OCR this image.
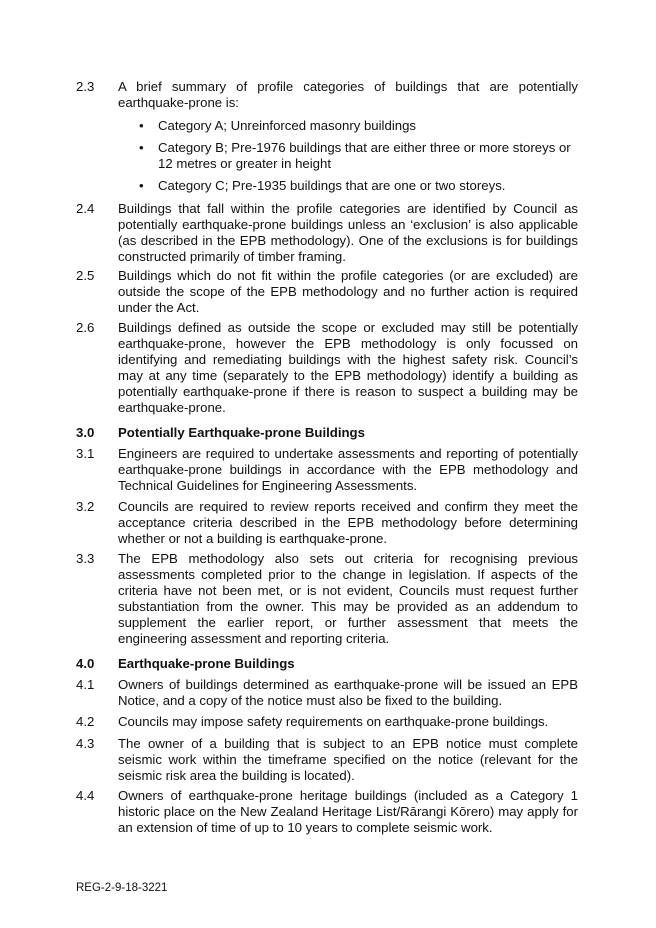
2.3	A brief summary of profile categories of buildings that are potentially earthquake-prone is:
• Category A; Unreinforced masonry buildings
• Category B; Pre-1976 buildings that are either three or more storeys or 12 metres or greater in height
• Category C; Pre-1935 buildings that are one or two storeys.
2.4	Buildings that fall within the profile categories are identified by Council as potentially earthquake-prone buildings unless an ‘exclusion’ is also applicable (as described in the EPB methodology). One of the exclusions is for buildings constructed primarily of timber framing.
2.5	Buildings which do not fit within the profile categories (or are excluded) are outside the scope of the EPB methodology and no further action is required under the Act.
2.6	Buildings defined as outside the scope or excluded may still be potentially earthquake-prone, however the EPB methodology is only focussed on identifying and remediating buildings with the highest safety risk. Council’s may at any time (separately to the EPB methodology) identify a building as potentially earthquake-prone if there is reason to suspect a building may be earthquake-prone.
3.0	Potentially Earthquake-prone Buildings
3.1	Engineers are required to undertake assessments and reporting of potentially earthquake-prone buildings in accordance with the EPB methodology and Technical Guidelines for Engineering Assessments.
3.2	Councils are required to review reports received and confirm they meet the acceptance criteria described in the EPB methodology before determining whether or not a building is earthquake-prone.
3.3	The EPB methodology also sets out criteria for recognising previous assessments completed prior to the change in legislation. If aspects of the criteria have not been met, or is not evident, Councils must request further substantiation from the owner. This may be provided as an addendum to supplement the earlier report, or further assessment that meets the engineering assessment and reporting criteria.
4.0	Earthquake-prone Buildings
4.1	Owners of buildings determined as earthquake-prone will be issued an EPB Notice, and a copy of the notice must also be fixed to the building.
4.2	Councils may impose safety requirements on earthquake-prone buildings.
4.3	The owner of a building that is subject to an EPB notice must complete seismic work within the timeframe specified on the notice (relevant for the seismic risk area the building is located).
4.4	Owners of earthquake-prone heritage buildings (included as a Category 1 historic place on the New Zealand Heritage List/Rārangi Kōrero) may apply for an extension of time of up to 10 years to complete seismic work.
REG-2-9-18-3221
